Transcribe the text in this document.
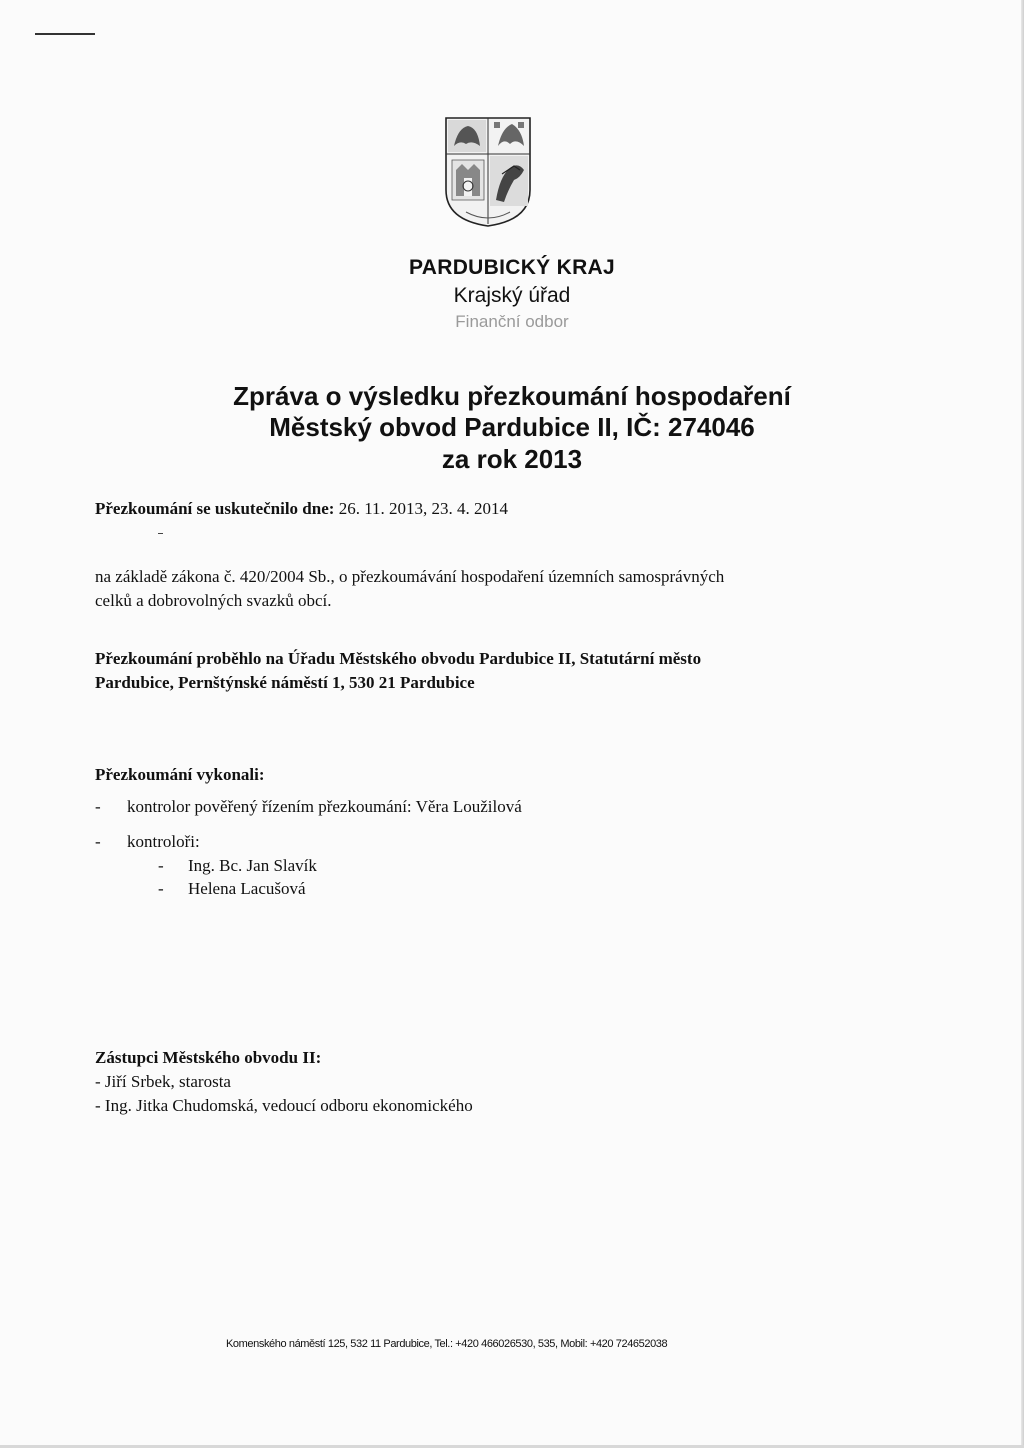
PARDUBICKÝ KRAJ
Krajský úřad
Finanční odbor
Zpráva o výsledku přezkoumání hospodaření
Městský obvod Pardubice II, IČ: 274046
za rok 2013
Přezkoumání se uskutečnilo dne: 26. 11. 2013, 23. 4. 2014
na základě zákona č. 420/2004 Sb., o přezkoumávání hospodaření územních samosprávných
celků a dobrovolných svazků obcí.
Přezkoumání proběhlo na Úřadu Městského obvodu Pardubice II, Statutární město
Pardubice, Pernštýnské náměstí 1, 530 21 Pardubice
Přezkoumání vykonali:
- kontrolor pověřený řízením přezkoumání: Věra Loužilová
- kontroloři:
- Ing. Bc. Jan Slavík
- Helena Lacušová
Zástupci Městského obvodu II:
- Jiří Srbek, starosta
- Ing. Jitka Chudomská, vedoucí odboru ekonomického
Komenského náměstí 125, 532 11 Pardubice, Tel.: +420 466026530, 535, Mobil: +420 724652038
